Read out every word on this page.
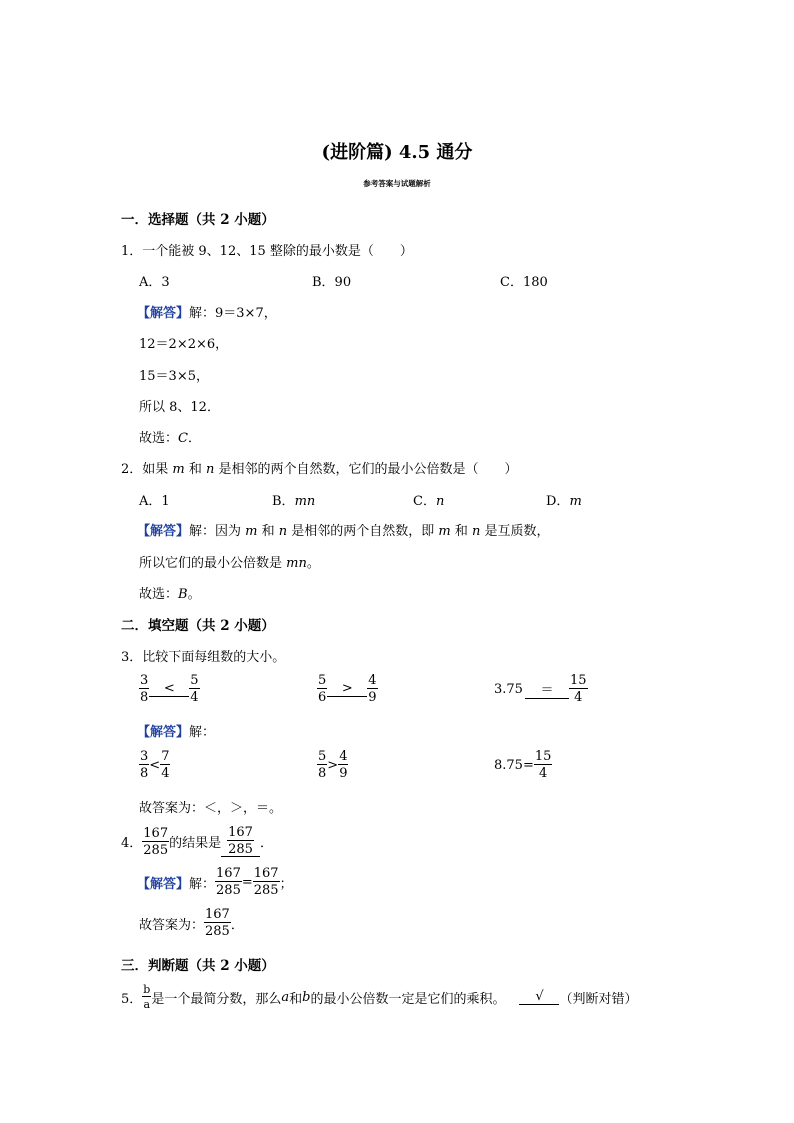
(进阶篇) 4.5 通分
参考答案与试题解析
一．选择题（共 2 小题）
1．一个能被 9、12、15 整除的最小数是（　　）
A．3	B．90	C．180
【解答】解：9＝3×7，
12＝2×2×6，
15＝3×5，
所以 8、12．
故选：C．
2．如果 m 和 n 是相邻的两个自然数，它们的最小公倍数是（　　）
A．1	B．mn	C．n	D．m
【解答】解：因为 m 和 n 是相邻的两个自然数，即 m 和 n 是互质数，
所以它们的最小公倍数是 mn。
故选：B。
二．填空题（共 2 小题）
3．比较下面每组数的大小。
$\frac{3}{8}$	<	$\frac{5}{4}$	$\frac{5}{6}$	>	$\frac{4}{9}$	3.75	＝	$\frac{15}{4}$
【解答】解：
$\frac{3}{8} < \frac{7}{4}$	$\frac{5}{8} > \frac{4}{9}$	$8.75 = \frac{15}{4}$
故答案为：＜，＞，＝。
4． $\frac{167}{285}$ 的结果是 $\frac{167}{285}$ ．
【解答】 解： $\frac{167}{285} = \frac{167}{285}$ ；
故答案为： $\frac{167}{285}$ ．
三．判断题（共 2 小题）
5． $\frac{b}{a}$ 是一个最简分数，那么 a 和 b 的最小公倍数一定是它们的乘积。	√	（判断对错）
